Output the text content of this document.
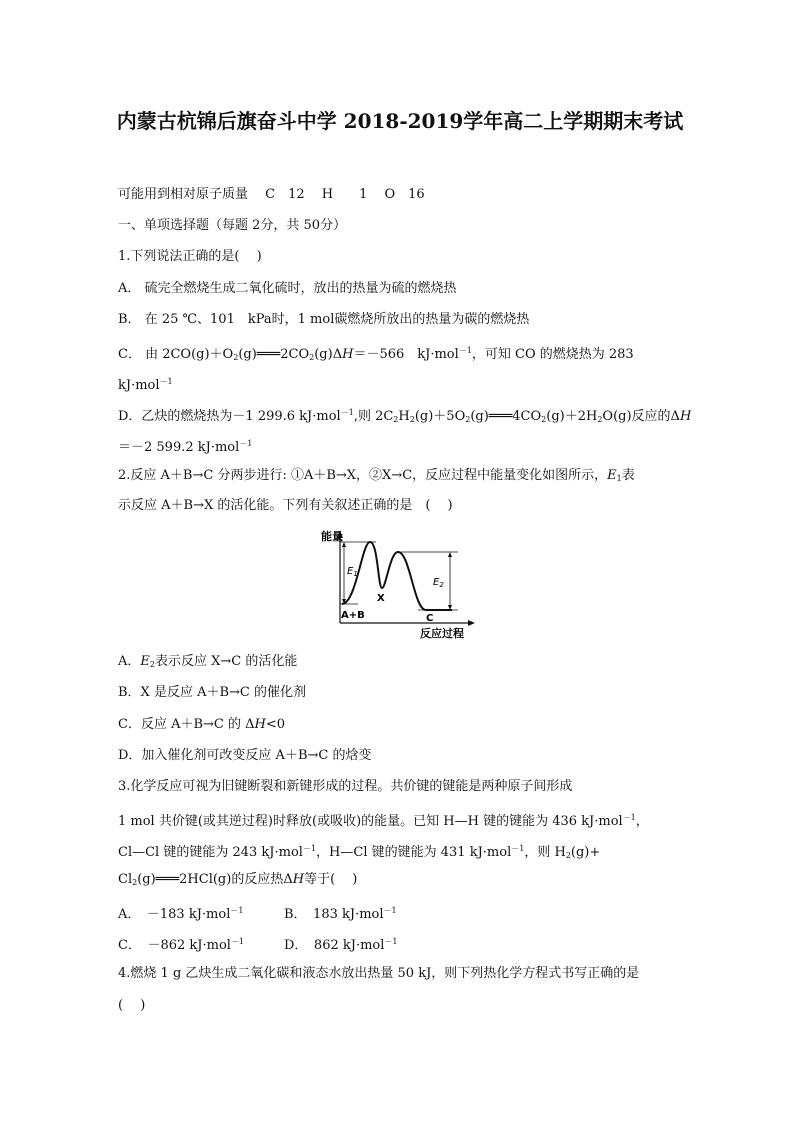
内蒙古杭锦后旗奋斗中学 2018-2019学年高二上学期期末考试
可能用到相对原子质量　 C　12　 H　　1　 O　16
一、单项选择题（每题 2分，共 50分）
1.下列说法正确的是(　 )
A． 硫完全燃烧生成二氧化硫时，放出的热量为硫的燃烧热
B． 在 25 ℃、101　kPa时，1 mol碳燃烧所放出的热量为碳的燃烧热
C． 由 $2CO(g)+O_2(g)═══2CO_2(g)\Delta H=-566$　kJ·mol$^{-1}$，可知 CO 的燃烧热为 283
kJ·mol$^{-1}$
D．乙炔的燃烧热为－1 299.6 kJ·mol$^{-1}$,则 $2C_2H_2(g)+5O_2(g)═══4CO_2(g)+2H_2O(g)$反应的ΔH
＝－2 599.2 kJ·mol$^{-1}$
2.反应 A＋B→C 分两步进行: ①A＋B→X，②X→C，反应过程中能量变化如图所示，$E_1$表
示反应 A＋B→X 的活化能。下列有关叙述正确的是　(　 )
能量
反应过程
$E_1$
$E_2$
A+B
X
C
A．$E_2$表示反应 X→C 的活化能
B．X 是反应 A＋B→C 的催化剂
C．反应 A＋B→C 的 ΔH<0
D．加入催化剂可改变反应 A＋B→C 的焓变
3.化学反应可视为旧键断裂和新键形成的过程。共价键的键能是两种原子间形成
1 mol 共价键(或其逆过程)时释放(或吸收)的能量。已知 H—H 键的键能为 436 kJ·mol$^{-1}$，
Cl—Cl 键的键能为 243 kJ·mol$^{-1}$，H—Cl 键的键能为 431 kJ·mol$^{-1}$，则 $H_2(g)+$
$Cl_2(g)═══2HCl(g)$的反应热ΔH等于(　 )
A．　－183 kJ·mol$^{-1}$	B．　183 kJ·mol$^{-1}$
C．　－862 kJ·mol$^{-1}$	D．　862 kJ·mol$^{-1}$
4.燃烧 1 g 乙炔生成二氧化碳和液态水放出热量 50 kJ，则下列热化学方程式书写正确的是
(　 )
